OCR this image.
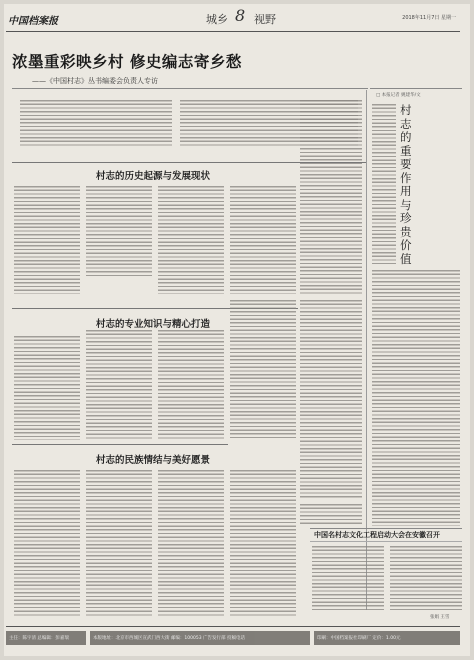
中国档案报	城乡 8 视野	2018年11月7日 星期一
浓墨重彩映乡村 修史编志寄乡愁
——《中国村志》丛书编委会负责人专访
村志的历史起源与发展现状
村志的专业知识与精心打造
村志的民族情结与美好愿景
□ 本报记者 姚建华/文
村志的重要作用与珍贵价值
中国名村志文化工程启动大会在安徽召开
张娟 王雪
主任：陈宇清 总编辑：彭嘉瑞	本版地址：北京市西城区宣武门西大街 邮编：100053 广告发行部 投稿电话	印刷：中国档案报社印刷厂 定价：1.00元
